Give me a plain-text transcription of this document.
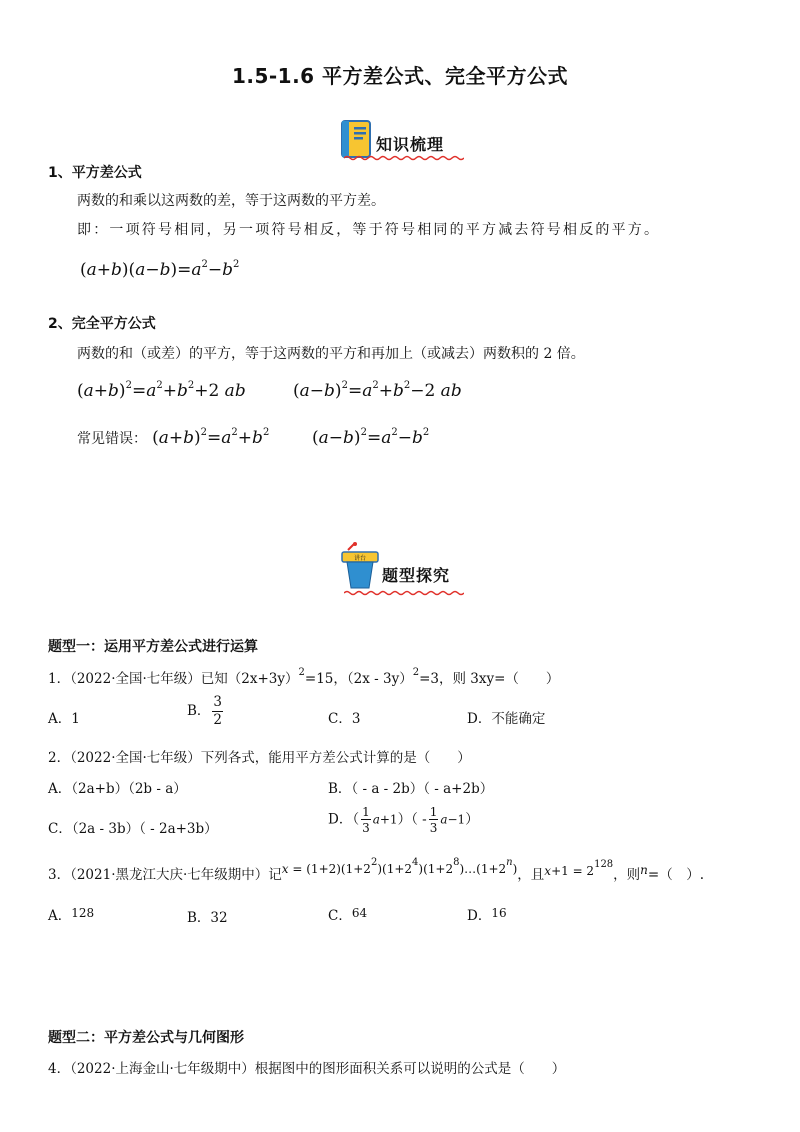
1.5-1.6 平方差公式、完全平方公式
知识梳理
1、平方差公式
两数的和乘以这两数的差，等于这两数的平方差。
即：一项符号相同，另一项符号相反，等于符号相同的平方减去符号相反的平方。
$(a+b)(a-b)=a^2-b^2$
2、完全平方公式
两数的和（或差）的平方，等于这两数的平方和再加上（或减去）两数积的 2 倍。
$(a+b)^2=a^2+b^2+2$ ab	$(a-b)^2=a^2+b^2-2$ ab
常见错误： $(a+b)^2=a^2+b^2$	$(a-b)^2=a^2-b^2$
讲台
题型探究
题型一：运用平方差公式进行运算
1．（2022·全国·七年级）已知$(2x+3y)^2=15$，（2x - 3y）$^2$=3，则 3xy=（　　）
A．1	B． $\frac{3}{2}$	C．3	D．不能确定
2．（2022·全国·七年级）下列各式，能用平方差公式计算的是（　　）
A．（2a+b）（2b - a）	B．（ - a - 2b）（ - a+2b）
C．（2a - 3b）（ - 2a+3b）
D．（ $\frac{1}{3} a+1)( - \frac{1}{3} a-1)$
3．（2021·黑龙江大庆·七年级期中）记$x = (1+2)(1+2^2)(1+2^4)(1+2^8)\dots(1+2^n)$，且$x+1 = 2^{128}$，则n=（　）.
A．128	B．32	C．64	D．16
题型二：平方差公式与几何图形
4．（2022·上海金山·七年级期中）根据图中的图形面积关系可以说明的公式是（　　）
